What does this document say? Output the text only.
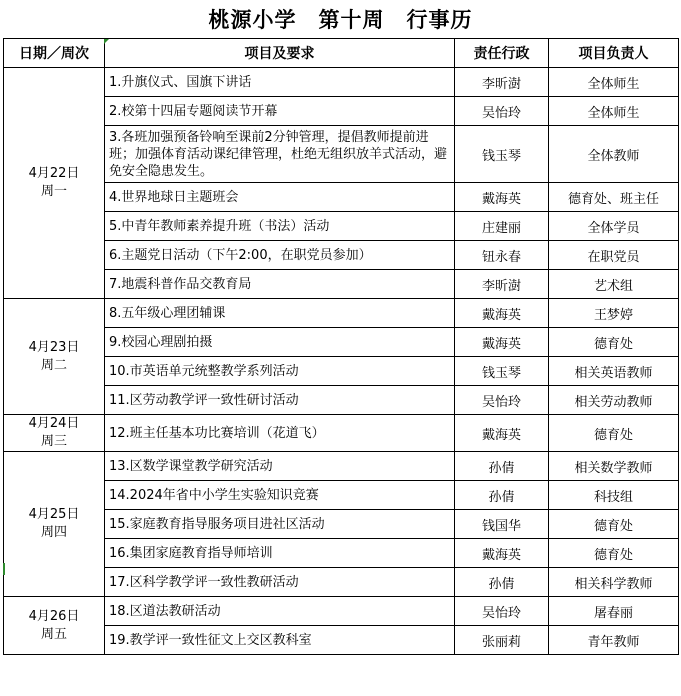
桃源小学　第十周　行事历
日期／周次	项目及要求	责任行政	项目负责人

4月22日
周一	1.升旗仪式、国旗下讲话	李昕澍	全体师生
	2.校第十四届专题阅读节开幕	吴怡玲	全体师生
	3.各班加强预备铃响至课前2分钟管理，提倡教师提前进班；加强体育活动课纪律管理，杜绝无组织放羊式活动，避免安全隐患发生。	钱玉琴	全体教师
	4.世界地球日主题班会	戴海英	德育处、班主任
	5.中青年教师素养提升班（书法）活动	庄建丽	全体学员
	6.主题党日活动（下午2:00，在职党员参加）	钮永春	在职党员
	7.地震科普作品交教育局	李昕澍	艺术组

4月23日
周二	8.五年级心理团辅课	戴海英	王梦婷
	9.校园心理剧拍摄	戴海英	德育处
	10.市英语单元统整教学系列活动	钱玉琴	相关英语教师
	11.区劳动教学评一致性研讨活动	吴怡玲	相关劳动教师

4月24日
周三	12.班主任基本功比赛培训（花道飞）	戴海英	德育处

4月25日
周四	13.区数学课堂教学研究活动	孙倩	相关数学教师
	14.2024年省中小学生实验知识竞赛	孙倩	科技组
	15.家庭教育指导服务项目进社区活动	钱国华	德育处
	16.集团家庭教育指导师培训	戴海英	德育处
	17.区科学教学评一致性教研活动	孙倩	相关科学教师

4月26日
周五	18.区道法教研活动	吴怡玲	屠春丽
	19.教学评一致性征文上交区教科室	张丽莉	青年教师
